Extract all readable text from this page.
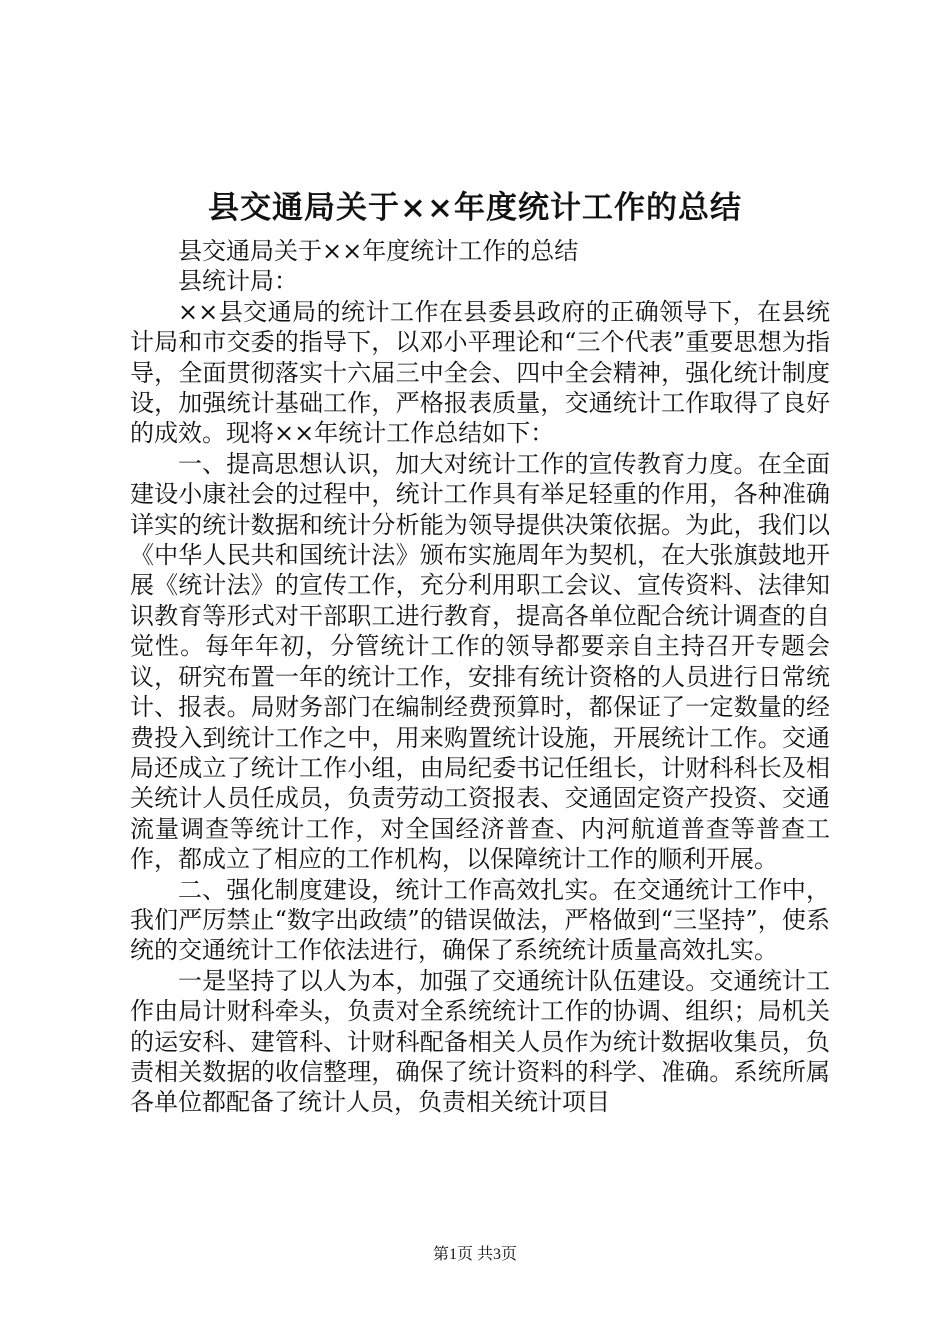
县交通局关于××年度统计工作的总结

县交通局关于××年度统计工作的总结

县统计局：

××县交通局的统计工作在县委县政府的正确领导下，在县统计局和市交委的指导下，以邓小平理论和“三个代表”重要思想为指导，全面贯彻落实十六届三中全会、四中全会精神，强化统计制度设，加强统计基础工作，严格报表质量，交通统计工作取得了良好的成效。现将××年统计工作总结如下：

一、提高思想认识，加大对统计工作的宣传教育力度。在全面建设小康社会的过程中，统计工作具有举足轻重的作用，各种准确详实的统计数据和统计分析能为领导提供决策依据。为此，我们以《中华人民共和国统计法》颁布实施周年为契机，在大张旗鼓地开展《统计法》的宣传工作，充分利用职工会议、宣传资料、法律知识教育等形式对干部职工进行教育，提高各单位配合统计调查的自觉性。每年年初，分管统计工作的领导都要亲自主持召开专题会议，研究布置一年的统计工作，安排有统计资格的人员进行日常统计、报表。局财务部门在编制经费预算时，都保证了一定数量的经费投入到统计工作之中，用来购置统计设施，开展统计工作。交通局还成立了统计工作小组，由局纪委书记任组长，计财科科长及相关统计人员任成员，负责劳动工资报表、交通固定资产投资、交通流量调查等统计工作，对全国经济普查、内河航道普查等普查工作，都成立了相应的工作机构，以保障统计工作的顺利开展。

二、强化制度建设，统计工作高效扎实。在交通统计工作中，我们严厉禁止“数字出政绩”的错误做法，严格做到“三坚持”，使系统的交通统计工作依法进行，确保了系统统计质量高效扎实。

一是坚持了以人为本，加强了交通统计队伍建设。交通统计工作由局计财科牵头，负责对全系统统计工作的协调、组织；局机关的运安科、建管科、计财科配备相关人员作为统计数据收集员，负责相关数据的收信整理，确保了统计资料的科学、准确。系统所属各单位都配备了统计人员，负责相关统计项目

第1页 共3页
